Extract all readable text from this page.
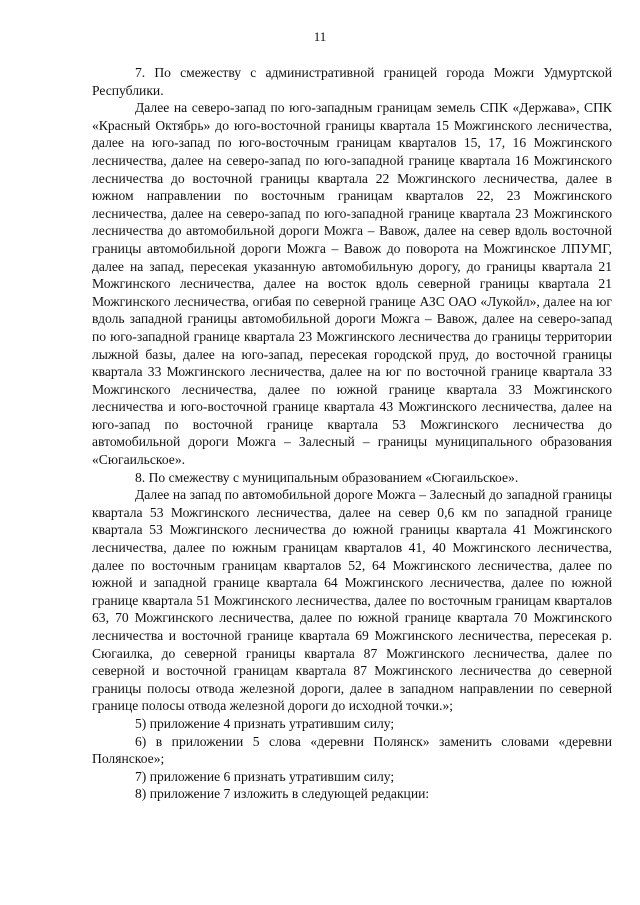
11

7. По смежеству с административной границей города Можги Удмуртской Республики.

Далее на северо-запад по юго-западным границам земель СПК «Держава», СПК «Красный Октябрь» до юго-восточной границы квартала 15 Можгинского лесничества, далее на юго-запад по юго-восточным границам кварталов 15, 17, 16 Можгинского лесничества, далее на северо-запад по юго-западной границе квартала 16 Можгинского лесничества до восточной границы квартала 22 Можгинского лесничества, далее в южном направлении по восточным границам кварталов 22, 23 Можгинского лесничества, далее на северо-запад по юго-западной границе квартала 23 Можгинского лесничества до автомобильной дороги Можга – Вавож, далее на север вдоль восточной границы автомобильной дороги Можга – Вавож до поворота на Можгинское ЛПУМГ, далее на запад, пересекая указанную автомобильную дорогу, до границы квартала 21 Можгинского лесничества, далее на восток вдоль северной границы квартала 21 Можгинского лесничества, огибая по северной границе АЗС ОАО «Лукойл», далее на юг вдоль западной границы автомобильной дороги Можга – Вавож, далее на северо-запад по юго-западной границе квартала 23 Можгинского лесничества до границы территории лыжной базы, далее на юго-запад, пересекая городской пруд, до восточной границы квартала 33 Можгинского лесничества, далее на юг по восточной границе квартала 33 Можгинского лесничества, далее по южной границе квартала 33 Можгинского лесничества и юго-восточной границе квартала 43 Можгинского лесничества, далее на юго-запад по восточной границе квартала 53 Можгинского лесничества до автомобильной дороги Можга – Залесный – границы муниципального образования «Сюгаильское».

8. По смежеству с муниципальным образованием «Сюгаильское».

Далее на запад по автомобильной дороге Можга – Залесный до западной границы квартала 53 Можгинского лесничества, далее на север 0,6 км по западной границе квартала 53 Можгинского лесничества до южной границы квартала 41 Можгинского лесничества, далее по южным границам кварталов 41, 40 Можгинского лесничества, далее по восточным границам кварталов 52, 64 Можгинского лесничества, далее по южной и западной границе квартала 64 Можгинского лесничества, далее по южной границе квартала 51 Можгинского лесничества, далее по восточным границам кварталов 63, 70 Можгинского лесничества, далее по южной границе квартала 70 Можгинского лесничества и восточной границе квартала 69 Можгинского лесничества, пересекая р. Сюгаилка, до северной границы квартала 87 Можгинского лесничества, далее по северной и восточной границам квартала 87 Можгинского лесничества до северной границы полосы отвода железной дороги, далее в западном направлении по северной границе полосы отвода железной дороги до исходной точки.»;

5) приложение 4 признать утратившим силу;

6) в приложении 5 слова «деревни Полянск» заменить словами «деревни Полянское»;

7) приложение 6 признать утратившим силу;

8) приложение 7 изложить в следующей редакции:
